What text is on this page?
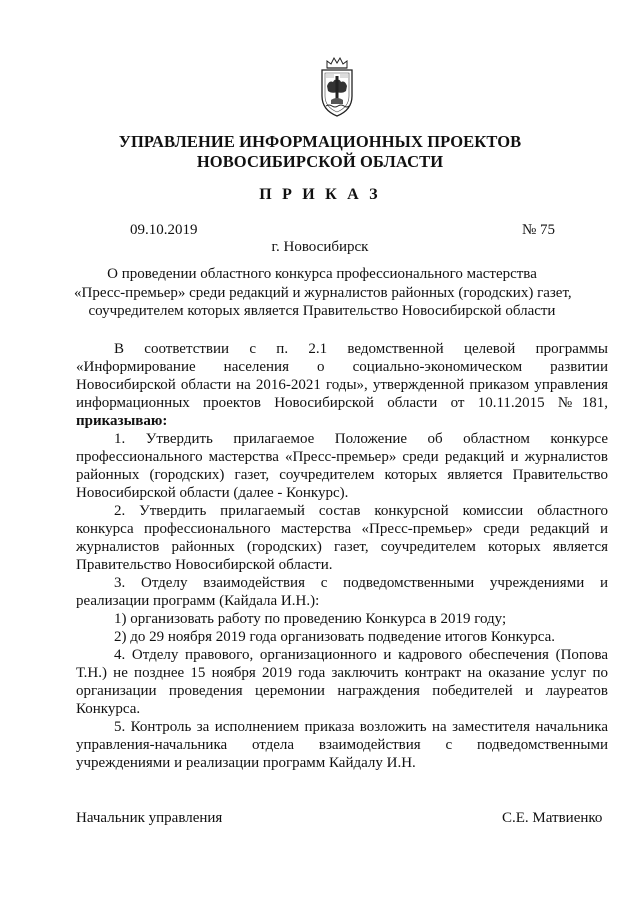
УПРАВЛЕНИЕ ИНФОРМАЦИОННЫХ ПРОЕКТОВ
НОВОСИБИРСКОЙ ОБЛАСТИ
П Р И К А З
09.10.2019	№ 75
г. Новосибирск
О проведении областного конкурса профессионального мастерства
«Пресс-премьер» среди редакций и журналистов районных (городских) газет,
соучредителем которых является Правительство Новосибирской области

В соответствии с п. 2.1 ведомственной целевой программы «Информирование населения о социально-экономическом развитии Новосибирской области на 2016-2021 годы», утвержденной приказом управления информационных проектов Новосибирской области от 10.11.2015 №181, приказываю:

1. Утвердить прилагаемое Положение об областном конкурсе профессионального мастерства «Пресс-премьер» среди редакций и журналистов районных (городских) газет, соучредителем которых является Правительство Новосибирской области (далее - Конкурс).

2. Утвердить прилагаемый состав конкурсной комиссии областного конкурса профессионального мастерства «Пресс-премьер» среди редакций и журналистов районных (городских) газет, соучредителем которых является Правительство Новосибирской области.

3. Отделу взаимодействия с подведомственными учреждениями и реализации программ (Кайдала И.Н.):

1) организовать работу по проведению Конкурса в 2019 году;

2) до 29 ноября 2019 года организовать подведение итогов Конкурса.

4. Отделу правового, организационного и кадрового обеспечения (Попова Т.Н.) не позднее 15 ноября 2019 года заключить контракт на оказание услуг по организации проведения церемонии награждения победителей и лауреатов Конкурса.

5. Контроль за исполнением приказа возложить на заместителя начальника управления-начальника отдела взаимодействия с подведомственными учреждениями и реализации программ Кайдалу И.Н.

Начальник управления	С.Е. Матвиенко
